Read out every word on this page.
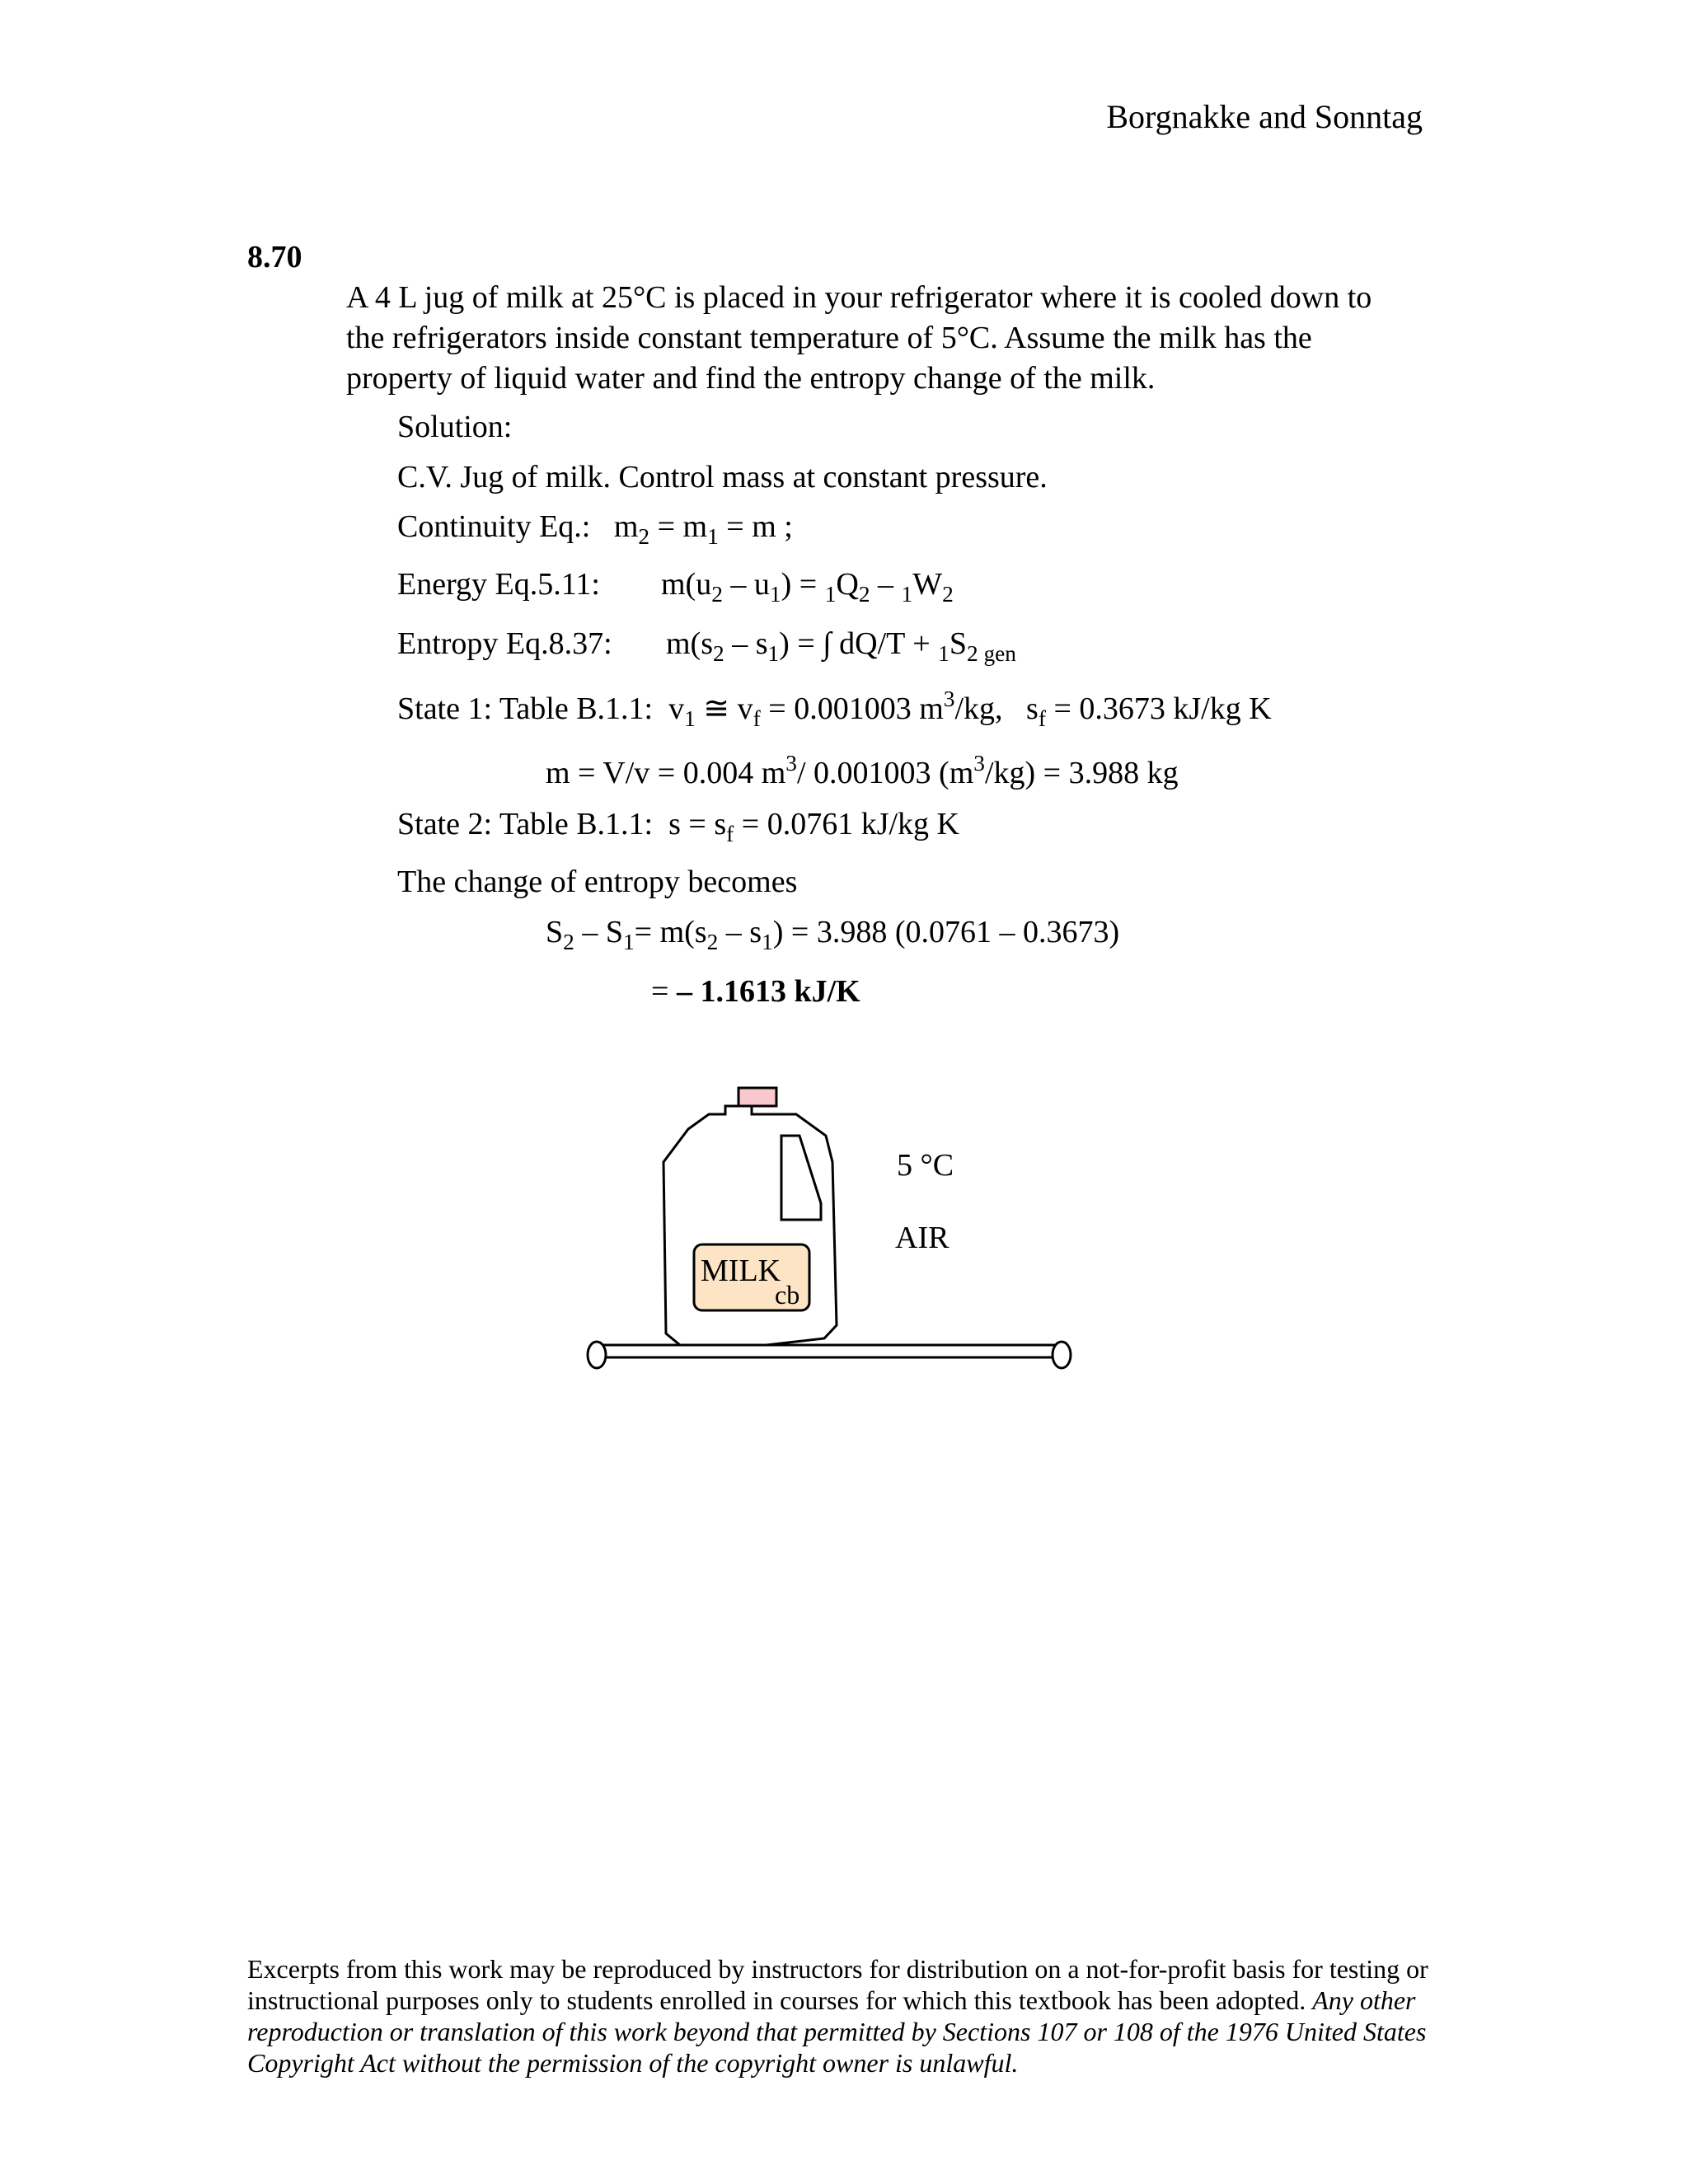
Borgnakke and Sonntag
8.70

A 4 L jug of milk at 25°C is placed in your refrigerator where it is cooled down to

the refrigerators inside constant temperature of 5°C. Assume the milk has the

property of liquid water and find the entropy change of the milk.

Solution:
C.V. Jug of milk. Control mass at constant pressure.
Continuity Eq.:   $m_2 = m_1 = m$ ;
Energy Eq.5.11: $m(u_2 - u_1) = _1Q_2 - _1W_2$
Entropy Eq.8.37: $m(s_2 - s_1)$ = ∫ $dQ/T + _1S_{2 gen}$
State 1: Table B.1.1:  $v_1$ ≅ $v_f = 0.001003$ $m^3/kg$,   $s_f = 0.3673$ kJ/kg K
m = V/v = 0.004 $m^3/$ 0.001003 $(m^3/kg) = 3.988$ kg
State 2: Table B.1.1:  $s = s_f = 0.0761$ kJ/kg K
The change of entropy becomes
$S_2 - S_1= m(s_2 - s_1) = 3.988$ (0.0761 – 0.3673)
= – 1.1613 kJ/K
MILK
cb
5 °C
AIR
Excerpts from this work may be reproduced by instructors for distribution on a not-for-profit basis for testing or instructional purposes only to students enrolled in courses for which this textbook has been adopted. Any other reproduction or translation of this work beyond that permitted by Sections 107 or 108 of the 1976 United States Copyright Act without the permission of the copyright owner is unlawful.
